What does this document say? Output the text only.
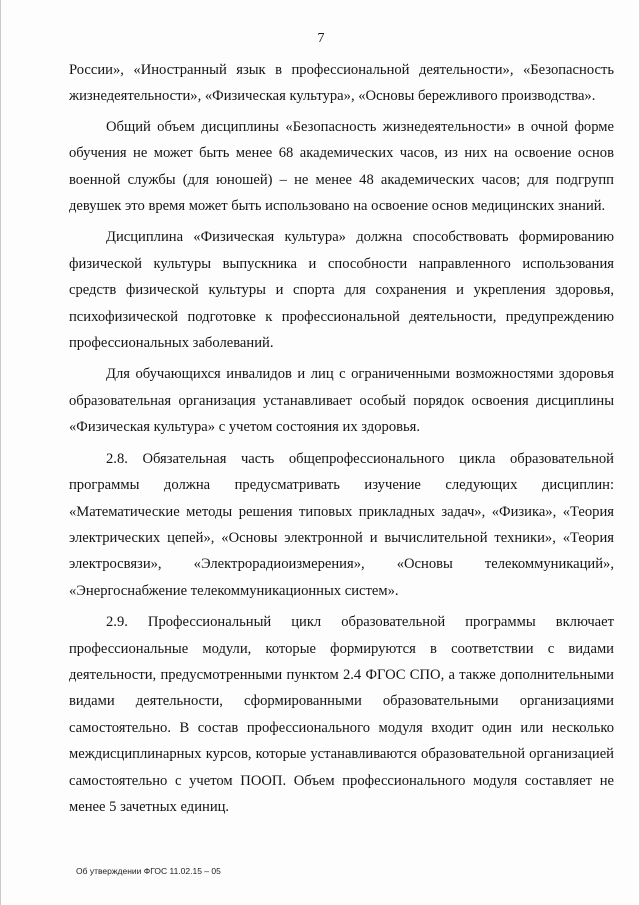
7

России», «Иностранный язык в профессиональной деятельности», «Безопасность жизнедеятельности», «Физическая культура», «Основы бережливого производства».

Общий объем дисциплины «Безопасность жизнедеятельности» в очной форме обучения не может быть менее 68 академических часов, из них на освоение основ военной службы (для юношей) – не менее 48 академических часов; для подгрупп девушек это время может быть использовано на освоение основ медицинских знаний.

Дисциплина «Физическая культура» должна способствовать формированию физической культуры выпускника и способности направленного использования средств физической культуры и спорта для сохранения и укрепления здоровья, психофизической подготовке к профессиональной деятельности, предупреждению профессиональных заболеваний.

Для обучающихся инвалидов и лиц с ограниченными возможностями здоровья образовательная организация устанавливает особый порядок освоения дисциплины «Физическая культура» с учетом состояния их здоровья.

2.8. Обязательная часть общепрофессионального цикла образовательной программы должна предусматривать изучение следующих дисциплин: «Математические методы решения типовых прикладных задач», «Физика», «Теория электрических цепей», «Основы электронной и вычислительной техники», «Теория электросвязи», «Электрорадиоизмерения», «Основы телекоммуникаций», «Энергоснабжение телекоммуникационных систем».

2.9. Профессиональный цикл образовательной программы включает профессиональные модули, которые формируются в соответствии с видами деятельности, предусмотренными пунктом 2.4 ФГОС СПО, а также дополнительными видами деятельности, сформированными образовательными организациями самостоятельно. В состав профессионального модуля входит один или несколько междисциплинарных курсов, которые устанавливаются образовательной организацией самостоятельно с учетом ПООП. Объем профессионального модуля составляет не менее 5 зачетных единиц.

Об утверждении ФГОС 11.02.15 – 05
